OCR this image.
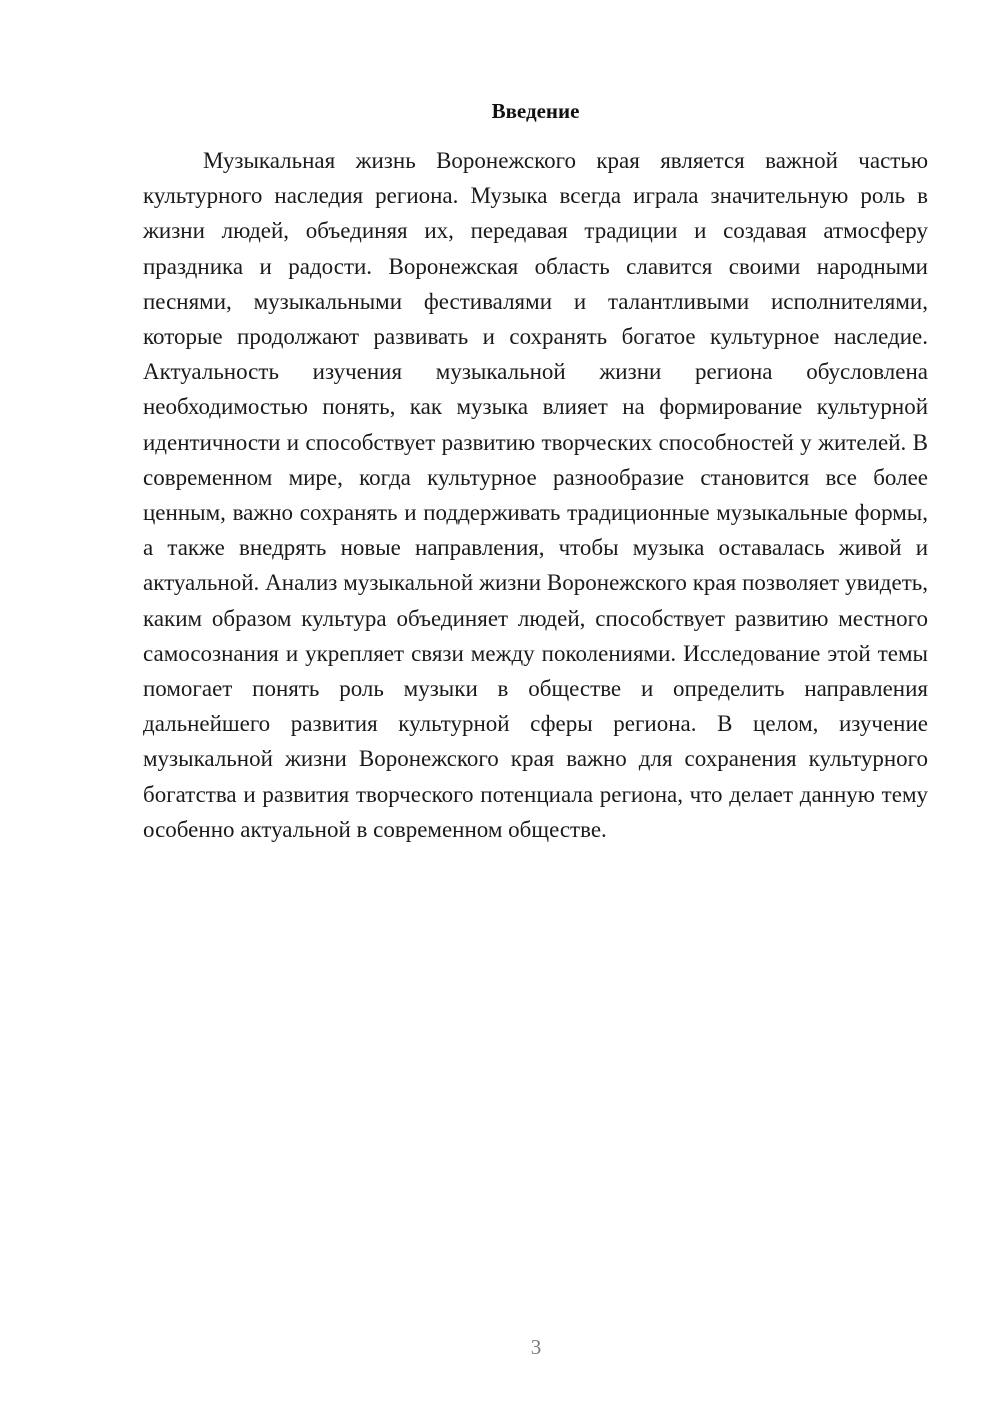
Введение

Музыкальная жизнь Воронежского края является важной частью культурного наследия региона. Музыка всегда играла значительную роль в жизни людей, объединяя их, передавая традиции и создавая атмосферу праздника и радости. Воронежская область славится своими народными песнями, музыкальными фестивалями и талантливыми исполнителями, которые продолжают развивать и сохранять богатое культурное наследие. Актуальность изучения музыкальной жизни региона обусловлена необходимостью понять, как музыка влияет на формирование культурной идентичности и способствует развитию творческих способностей у жителей. В современном мире, когда культурное разнообразие становится все более ценным, важно сохранять и поддерживать традиционные музыкальные формы, а также внедрять новые направления, чтобы музыка оставалась живой и актуальной. Анализ музыкальной жизни Воронежского края позволяет увидеть, каким образом культура объединяет людей, способствует развитию местного самосознания и укрепляет связи между поколениями. Исследование этой темы помогает понять роль музыки в обществе и определить направления дальнейшего развития культурной сферы региона. В целом, изучение музыкальной жизни Воронежского края важно для сохранения культурного богатства и развития творческого потенциала региона, что делает данную тему особенно актуальной в современном обществе.

3
